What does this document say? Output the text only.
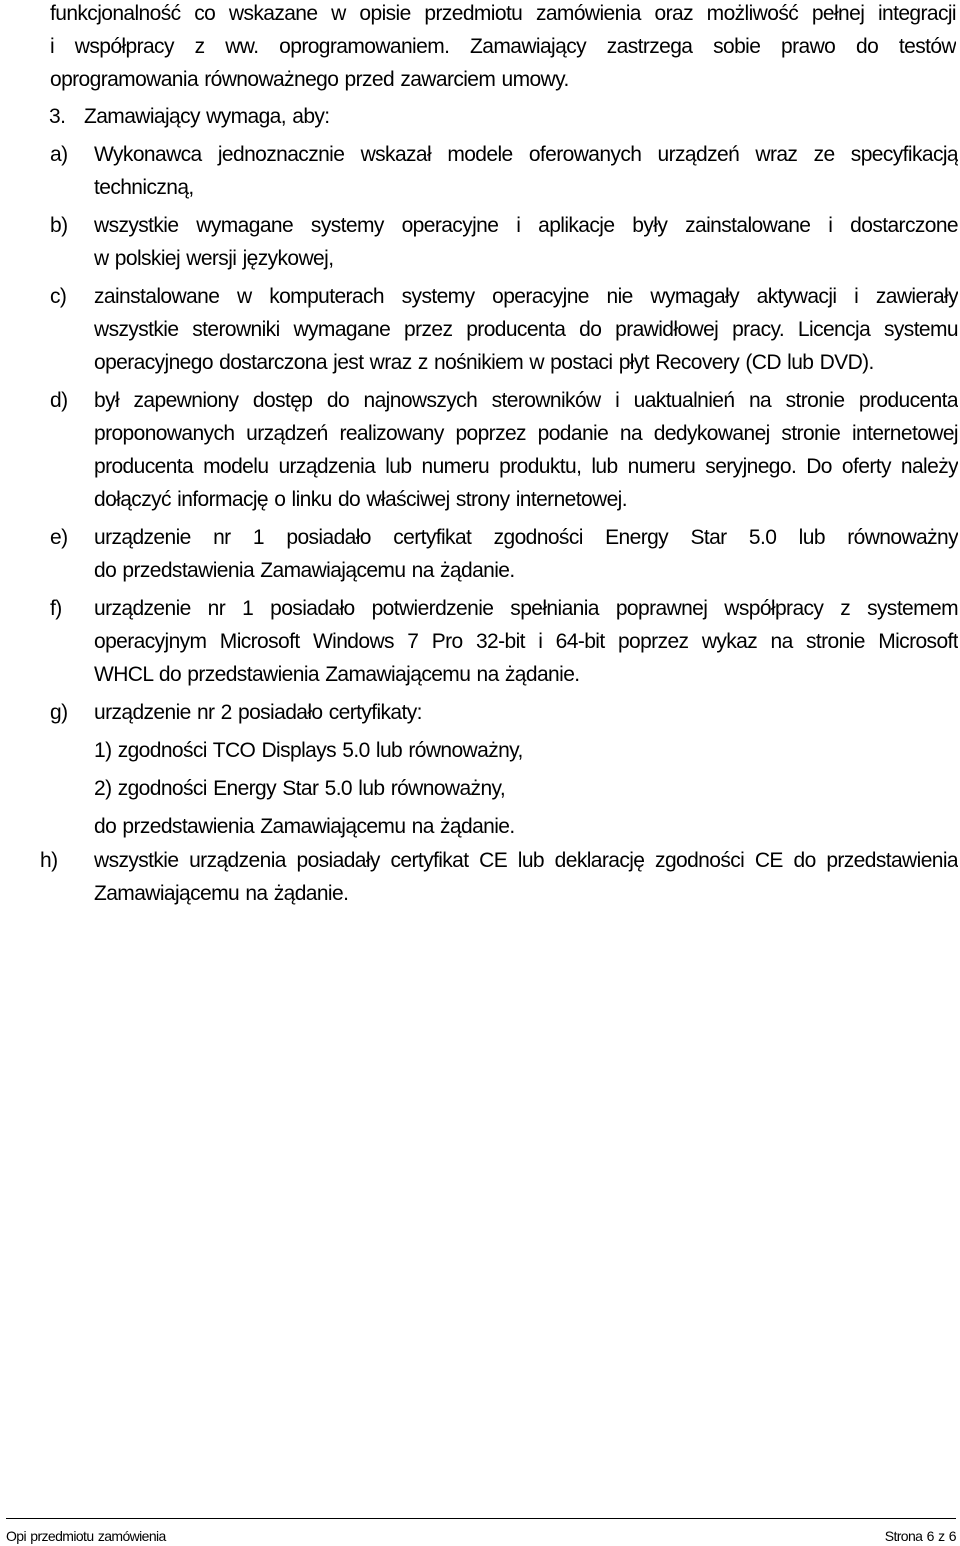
funkcjonalność co wskazane w opisie przedmiotu zamówienia oraz możliwość pełnej integracji
i współpracy z ww. oprogramowaniem. Zamawiający zastrzega sobie prawo do testów
oprogramowania równoważnego przed zawarciem umowy.
3. Zamawiający wymaga, aby:
a) Wykonawca jednoznacznie wskazał modele oferowanych urządzeń wraz ze specyfikacją
techniczną,
b) wszystkie wymagane systemy operacyjne i aplikacje były zainstalowane i dostarczone
w polskiej wersji językowej,
c) zainstalowane w komputerach systemy operacyjne nie wymagały aktywacji i zawierały
wszystkie sterowniki wymagane przez producenta do prawidłowej pracy. Licencja systemu
operacyjnego dostarczona jest wraz z nośnikiem w postaci płyt Recovery (CD lub DVD).
d) był zapewniony dostęp do najnowszych sterowników i uaktualnień na stronie producenta
proponowanych urządzeń realizowany poprzez podanie na dedykowanej stronie internetowej
producenta modelu urządzenia lub numeru produktu, lub numeru seryjnego. Do oferty należy
dołączyć informację o linku do właściwej strony internetowej.
e) urządzenie nr 1 posiadało certyfikat zgodności Energy Star 5.0 lub równoważny
do przedstawienia Zamawiającemu na żądanie.
f) urządzenie nr 1 posiadało potwierdzenie spełniania poprawnej współpracy z systemem
operacyjnym Microsoft Windows 7 Pro 32-bit i 64-bit poprzez wykaz na stronie Microsoft
WHCL do przedstawienia Zamawiającemu na żądanie.
g) urządzenie nr 2 posiadało certyfikaty:
1) zgodności TCO Displays 5.0 lub równoważny,
2) zgodności Energy Star 5.0 lub równoważny,
do przedstawienia Zamawiającemu na żądanie.
h) wszystkie urządzenia posiadały certyfikat CE lub deklarację zgodności CE do przedstawienia
Zamawiającemu na żądanie.
Opi przedmiotu zamówienia	Strona 6 z 6
